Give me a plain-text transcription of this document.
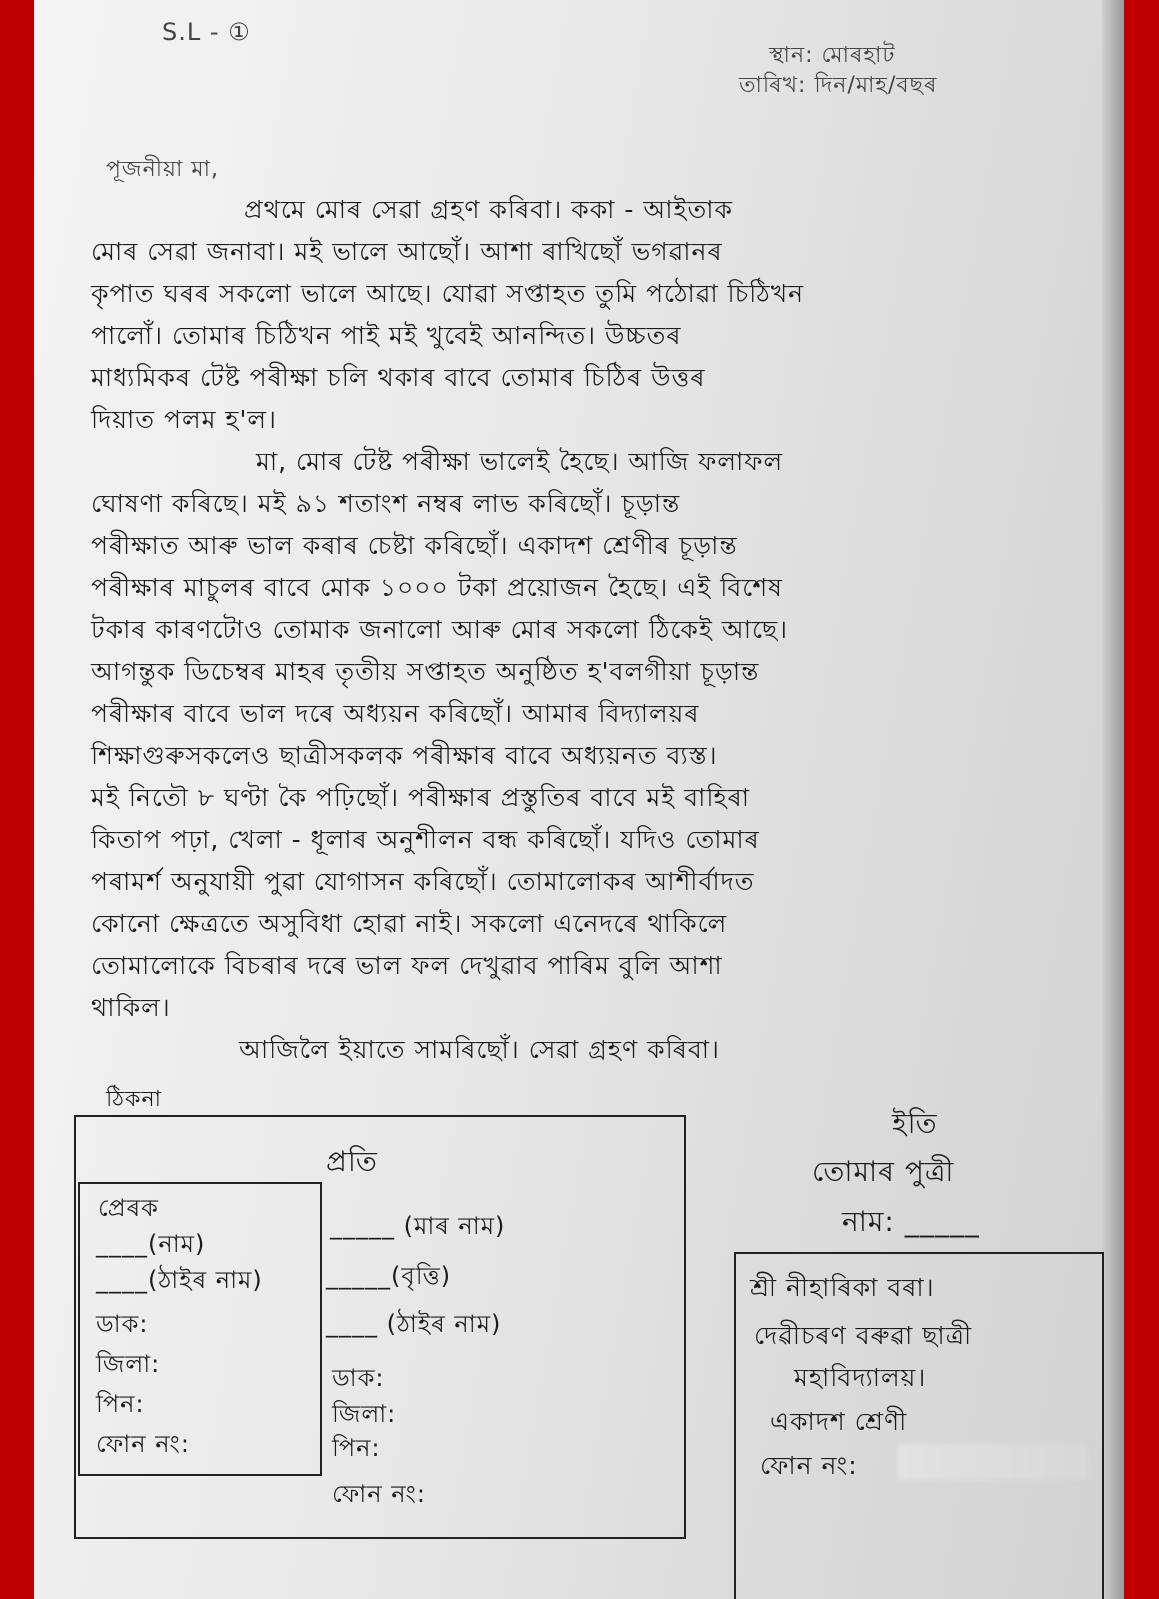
S.L - ①
স্থান: মোৰহাট
তাৰিখ: দিন/মাহ/বছৰ
পূজনীয়া মা,
প্ৰথমে মোৰ সেৱা গ্ৰহণ কৰিবা। ককা - আইতাক
মোৰ সেৱা জনাবা। মই ভালে আছোঁ। আশা ৰাখিছোঁ ভগৱানৰ
কৃপাত ঘৰৰ সকলো ভালে আছে। যোৱা সপ্তাহত তুমি পঠোৱা চিঠিখন
পালোঁ। তোমাৰ চিঠিখন পাই মই খুবেই আনন্দিত। উচ্চতৰ
মাধ্যমিকৰ টেষ্ট পৰীক্ষা চলি থকাৰ বাবে তোমাৰ চিঠিৰ উত্তৰ
দিয়াত পলম হ'ল।
মা, মোৰ টেষ্ট পৰীক্ষা ভালেই হৈছে। আজি ফলাফল
ঘোষণা কৰিছে। মই ৯১ শতাংশ নম্বৰ লাভ কৰিছোঁ। চূড়ান্ত
পৰীক্ষাত আৰু ভাল কৰাৰ চেষ্টা কৰিছোঁ। একাদশ শ্ৰেণীৰ চূড়ান্ত
পৰীক্ষাৰ মাচুলৰ বাবে মোক ১০০০ টকা প্ৰয়োজন হৈছে। এই বিশেষ
টকাৰ কাৰণটোও তোমাক জনালো আৰু মোৰ সকলো ঠিকেই আছে।
আগন্তুক ডিচেম্বৰ মাহৰ তৃতীয় সপ্তাহত অনুষ্ঠিত হ'বলগীয়া চূড়ান্ত
পৰীক্ষাৰ বাবে ভাল দৰে অধ্যয়ন কৰিছোঁ। আমাৰ বিদ্যালয়ৰ
শিক্ষাগুৰুসকলেও ছাত্ৰীসকলক পৰীক্ষাৰ বাবে অধ্যয়নত ব্যস্ত।
মই নিতৌ ৮ ঘণ্টা কৈ পঢ়িছোঁ। পৰীক্ষাৰ প্ৰস্তুতিৰ বাবে মই বাহিৰা
কিতাপ পঢ়া, খেলা - ধূলাৰ অনুশীলন বন্ধ কৰিছোঁ। যদিও তোমাৰ
পৰামৰ্শ অনুযায়ী পুৱা যোগাসন কৰিছোঁ। তোমালোকৰ আশীৰ্বাদত
কোনো ক্ষেত্ৰতে অসুবিধা হোৱা নাই। সকলো এনেদৰে থাকিলে
তোমালোকে বিচৰাৰ দৰে ভাল ফল দেখুৱাব পাৰিম বুলি আশা
থাকিল।
আজিলৈ ইয়াতে সামৰিছোঁ। সেৱা গ্ৰহণ কৰিবা।
ঠিকনা
ইতি
তোমাৰ পুত্ৰী
নাম: _____
প্ৰতি
প্ৰেৰক
____(নাম)
____(ঠাইৰ নাম)
ডাক:
জিলা:
পিন:
ফোন নং:
_____ (মাৰ নাম)
_____(বৃত্তি)
____ (ঠাইৰ নাম)
ডাক:
জিলা:
পিন:
ফোন নং:
শ্ৰী নীহাৰিকা বৰা।
দেৱীচৰণ বৰুৱা ছাত্ৰী
মহাবিদ্যালয়।
একাদশ শ্ৰেণী
ফোন নং:
